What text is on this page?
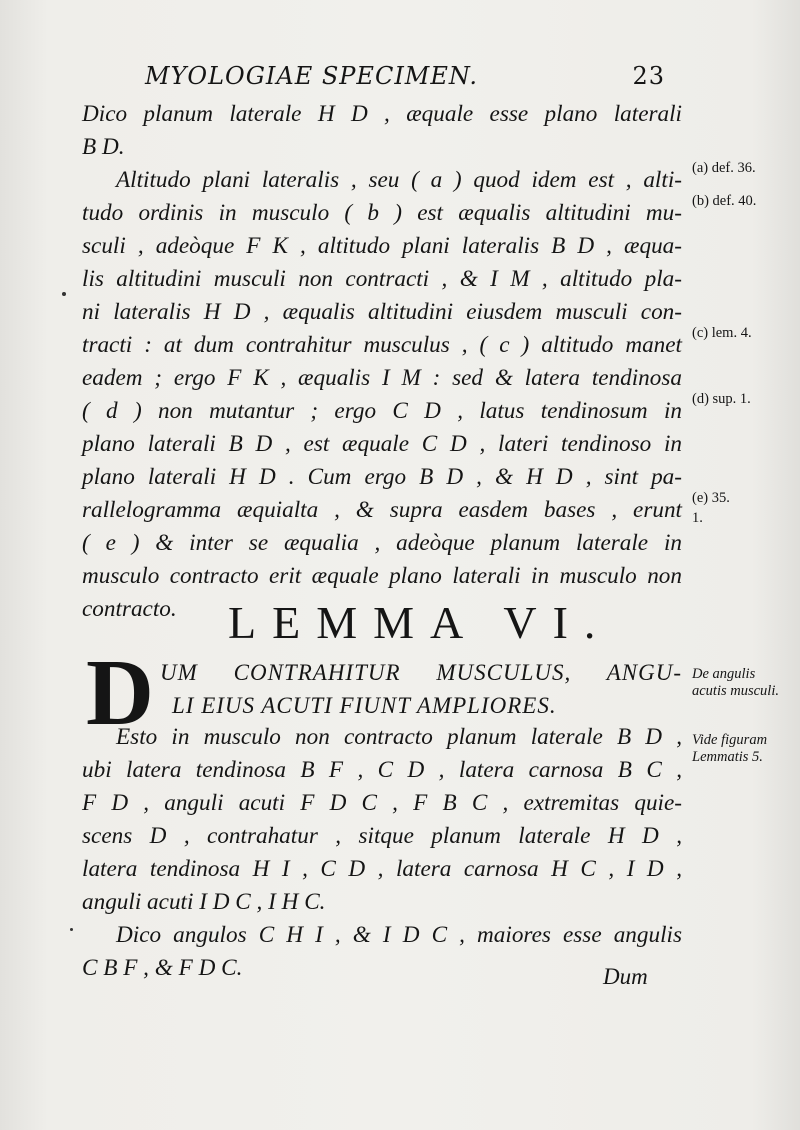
MYOLOGIAE SPECIMEN.	23
Dico planum laterale H D , æquale esse plano laterali
B D.
Altitudo plani lateralis , seu ( a ) quod idem est , alti-
tudo ordinis in musculo ( b ) est æqualis altitudini mu-
sculi , adeòque F K , altitudo plani lateralis B D , æqua-
lis altitudini musculi non contracti , & I M , altitudo pla-
ni lateralis H D , æqualis altitudini eiusdem musculi con-
tracti : at dum contrahitur musculus , ( c ) altitudo manet
eadem ; ergo F K , æqualis I M : sed & latera tendinosa
( d ) non mutantur ; ergo C D , latus tendinosum in
plano laterali B D , est æquale C D , lateri tendinoso in
plano laterali H D . Cum ergo B D , & H D , sint pa-
rallelogramma æquialta , & supra easdem bases , erunt
( e ) & inter se æqualia , adeòque planum laterale in
musculo contracto erit æquale plano laterali in musculo non
contracto.
(a) def. 36.
(b) def. 40.
(c) lem. 4.
(d) sup. 1.
(e) 35.
1.
LEMMA VI.
D UM CONTRAHITUR MUSCULUS, ANGU-
LI EIUS ACUTI FIUNT AMPLIORES.
De angulis acutis musculi.
Vide figuram Lemmatis 5.
Esto in musculo non contracto planum laterale B D ,
ubi latera tendinosa B F , C D , latera carnosa B C ,
F D , anguli acuti F D C , F B C , extremitas quie-
scens D , contrahatur , sitque planum laterale H D ,
latera tendinosa H I , C D , latera carnosa H C , I D ,
anguli acuti I D C , I H C.
Dico angulos C H I , & I D C , maiores esse angulis
C B F , & F D C.	Dum
